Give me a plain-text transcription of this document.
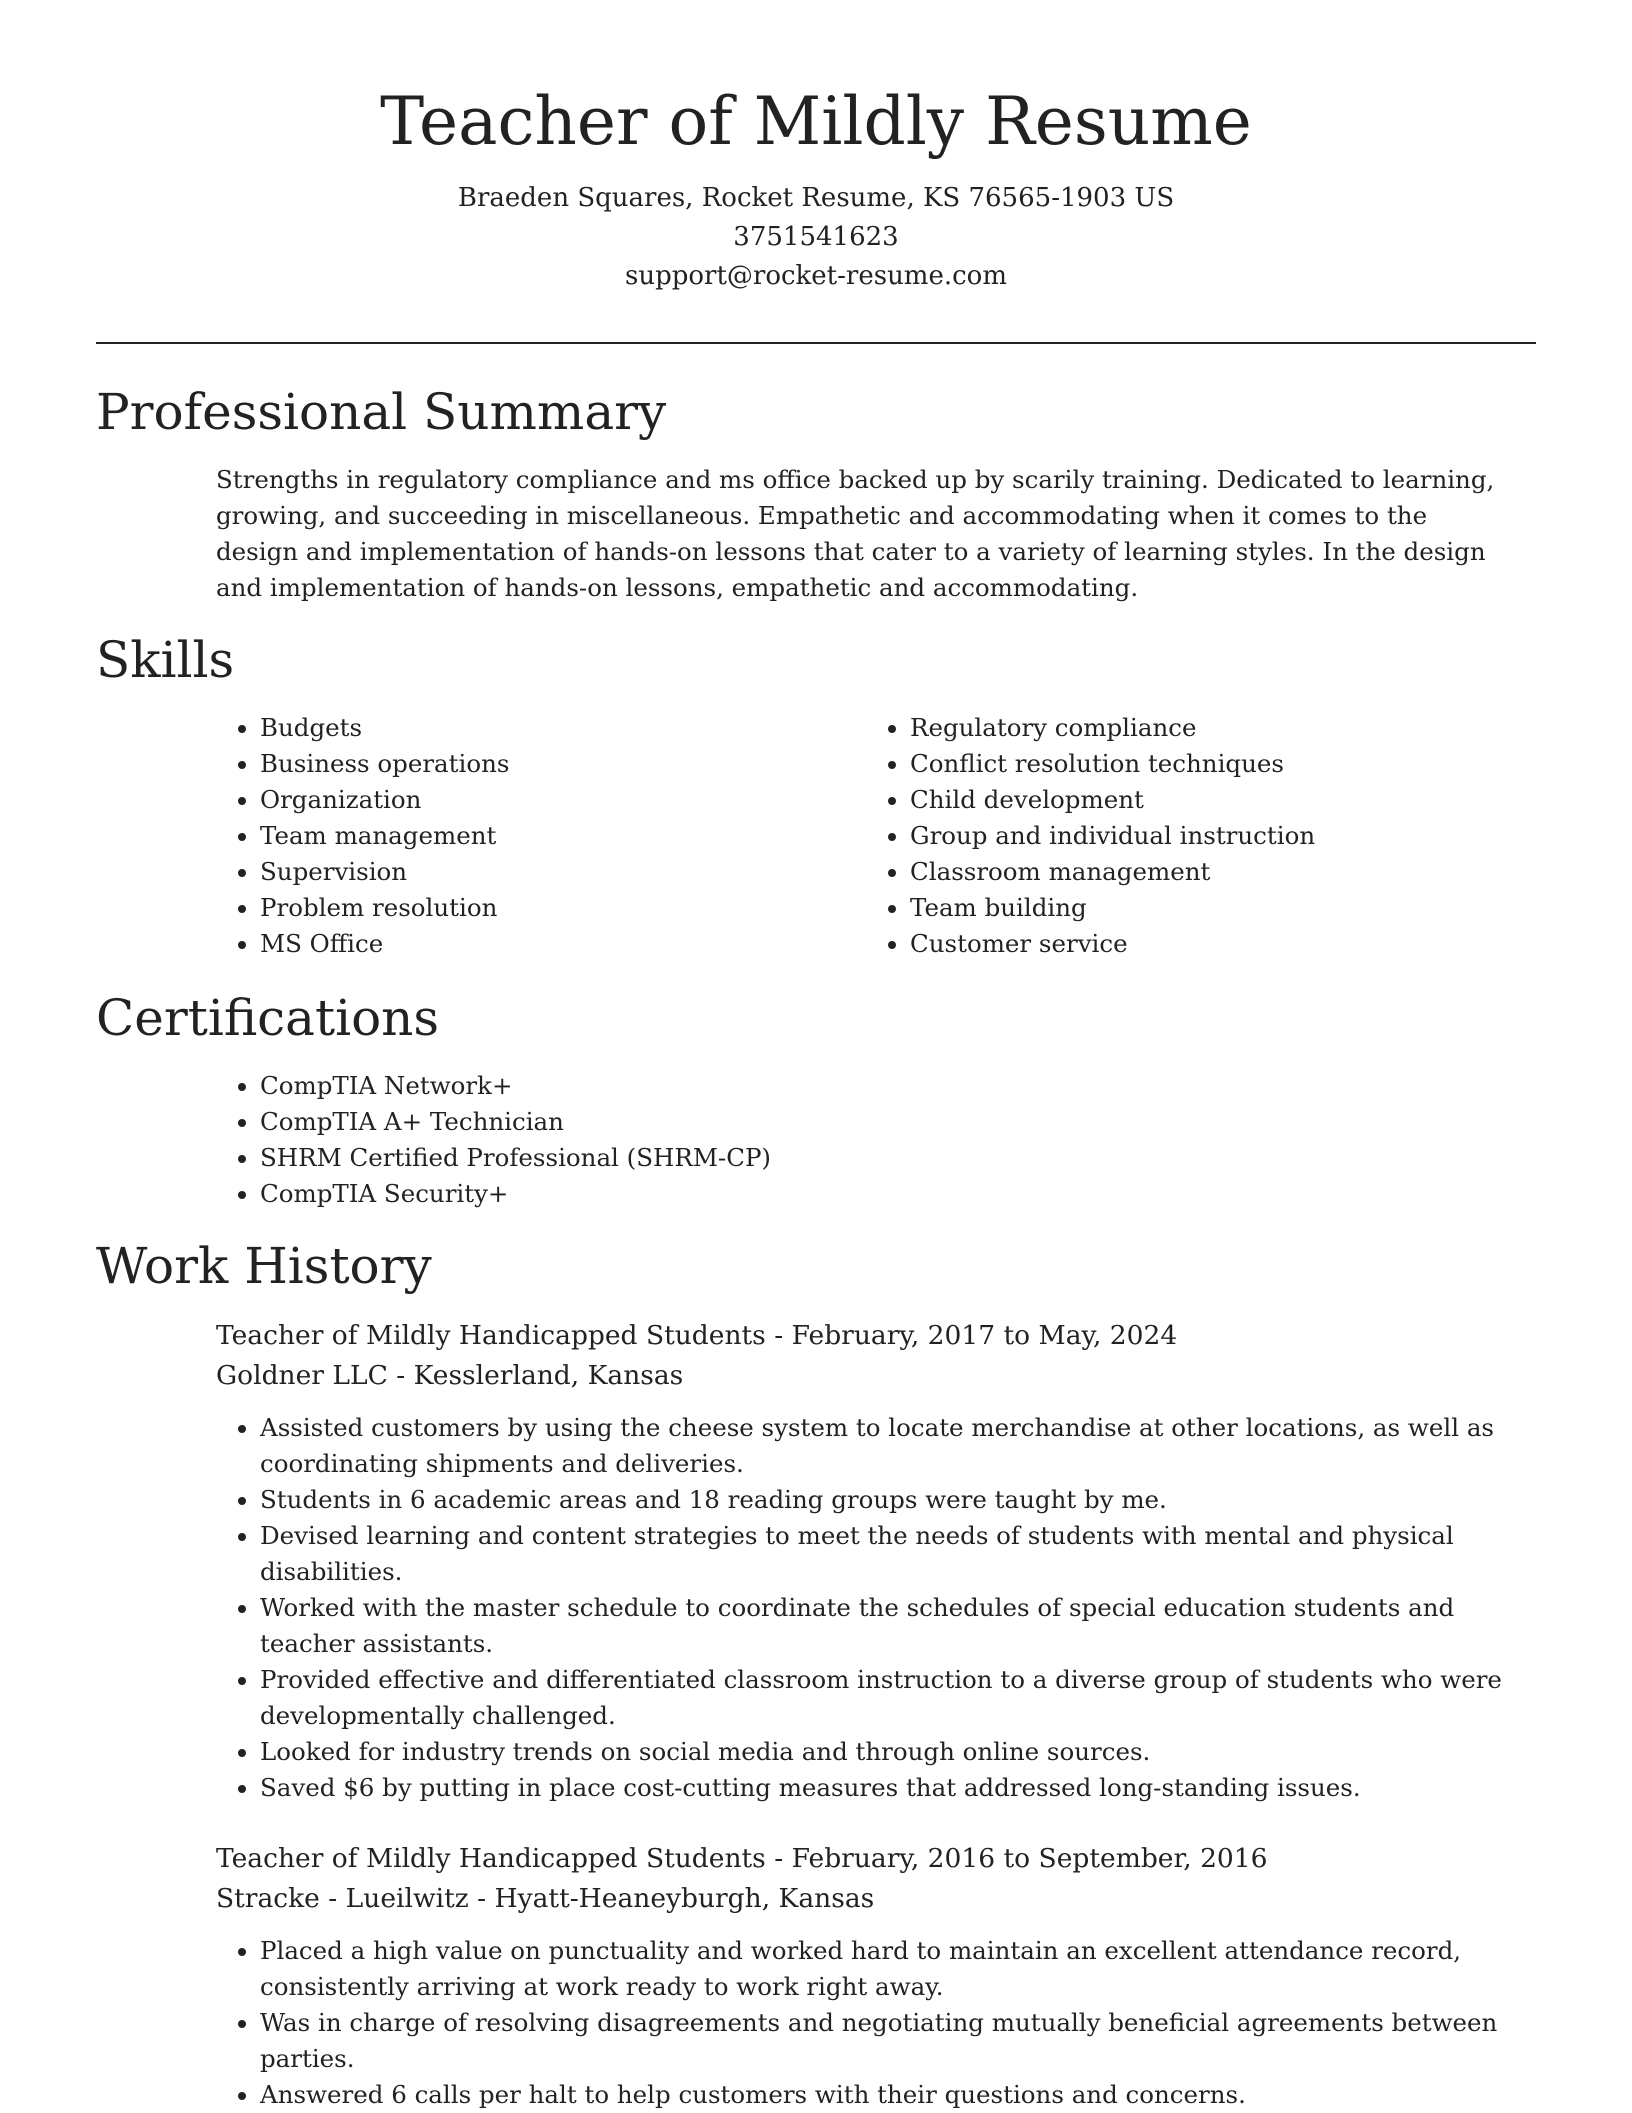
Teacher of Mildly Resume
Braeden Squares, Rocket Resume, KS 76565-1903 US
3751541623
support@rocket-resume.com
Professional Summary

Strengths in regulatory compliance and ms office backed up by scarily training. Dedicated to learning, growing, and succeeding in miscellaneous. Empathetic and accommodating when it comes to the design and implementation of hands-on lessons that cater to a variety of learning styles. In the design and implementation of hands-on lessons, empathetic and accommodating.

Skills
• Budgets
• Business operations
• Organization
• Team management
• Supervision
• Problem resolution
• MS Office
• Regulatory compliance
• Conflict resolution techniques
• Child development
• Group and individual instruction
• Classroom management
• Team building
• Customer service
Certifications
• CompTIA Network+
• CompTIA A+ Technician
• SHRM Certified Professional (SHRM-CP)
• CompTIA Security+
Work History
Teacher of Mildly Handicapped Students - February, 2017 to May, 2024
Goldner LLC - Kesslerland, Kansas
• Assisted customers by using the cheese system to locate merchandise at other locations, as well as coordinating shipments and deliveries.
• Students in 6 academic areas and 18 reading groups were taught by me.
• Devised learning and content strategies to meet the needs of students with mental and physical disabilities.
• Worked with the master schedule to coordinate the schedules of special education students and teacher assistants.
• Provided effective and differentiated classroom instruction to a diverse group of students who were developmentally challenged.
• Looked for industry trends on social media and through online sources.
• Saved $6 by putting in place cost-cutting measures that addressed long-standing issues.
Teacher of Mildly Handicapped Students - February, 2016 to September, 2016
Stracke - Lueilwitz - Hyatt-Heaneyburgh, Kansas
• Placed a high value on punctuality and worked hard to maintain an excellent attendance record, consistently arriving at work ready to work right away.
• Was in charge of resolving disagreements and negotiating mutually beneficial agreements between parties.
• Answered 6 calls per halt to help customers with their questions and concerns.
